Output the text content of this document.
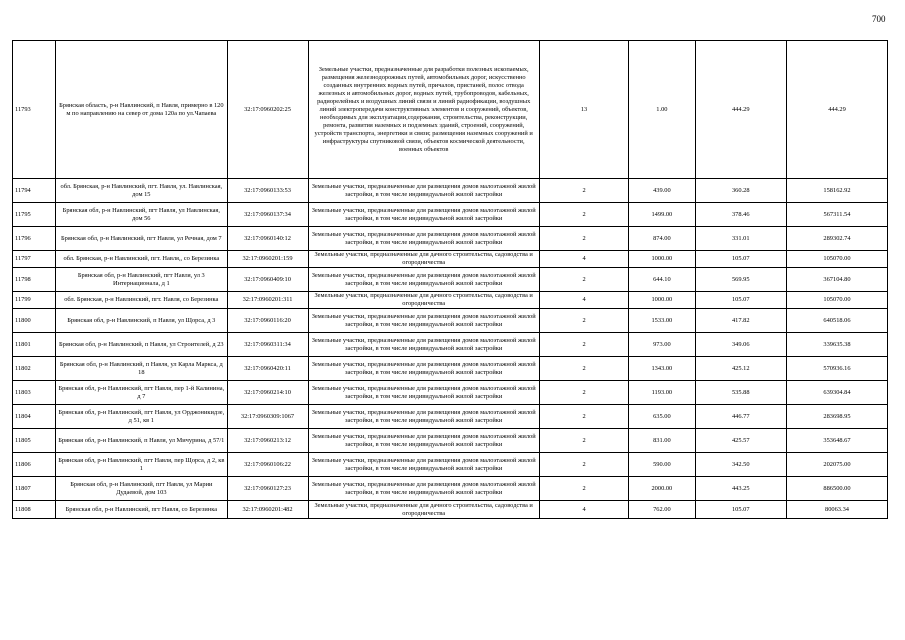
700
11793	Брянская область, р-н Навлинский, п Навля, примерно в 120 м по направлению на север от дома 120а по ул.Чапаева	32:17:0960202:25	Земельные участки, предназначенные для разработки полезных ископаемых, размещения железнодорожных путей, автомобильных дорог, искусственно созданных внутренних водных путей, причалов, пристаней, полос отвода железных и автомобильных дорог, водных путей, трубопроводов, кабельных, радиорелейных и воздушных линий связи и линий радиофикации, воздушных линий электропередачи конструктивных элементов и сооружений, объектов, необходимых для эксплуатации,содержания, строительства, реконструкции, ремонта, развития наземных и подземных зданий, строений, сооружений, устройств транспорта, энергетики и связи; размещения наземных сооружений и инфраструктуры спутниковой связи, объектов космической деятельности, военных объектов	13	1.00	444.29	444.29
11794	обл. Брянская, р-н Навлинский, пгт. Навля, ул. Навлинская, дом 15	32:17:0960133:53	Земельные участки, предназначенные для размещения домов малоэтажной жилой застройки, в том числе индивидуальной жилой застройки	2	439.00	360.28	158162.92
11795	Брянская обл, р-н Навлинский, пгт Навля, ул Навлинская, дом 56	32:17:0960137:34	Земельные участки, предназначенные для размещения домов малоэтажной жилой застройки, в том числе индивидуальной жилой застройки	2	1499.00	378.46	567311.54
11796	Брянская обл, р-н Навлинский, пгт Навля, ул Речная, дом 7	32:17:0960140:12	Земельные участки, предназначенные для размещения домов малоэтажной жилой застройки, в том числе индивидуальной жилой застройки	2	874.00	331.01	289302.74
11797	обл. Брянская, р-н Навлинский, пгт. Навля,, со Березинка	32:17:0960201:159	Земельные участки, предназначенные для дачного строительства, садоводства и огородничества	4	1000.00	105.07	105070.00
11798	Брянская обл, р-н Навлинский, пгт Навля, ул 3 Интернационала, д 1	32:17:0960409:10	Земельные участки, предназначенные для размещения домов малоэтажной жилой застройки, в том числе индивидуальной жилой застройки	2	644.10	569.95	367104.80
11799	обл. Брянская, р-н Навлинский, пгт. Навля, со Березинка	32:17:0960201:311	Земельные участки, предназначенные для дачного строительства, садоводства и огородничества	4	1000.00	105.07	105070.00
11800	Брянская обл, р-н Навлинский, п Навля, ул Щорса, д 3	32:17:0960116:20	Земельные участки, предназначенные для размещения домов малоэтажной жилой застройки, в том числе индивидуальной жилой застройки	2	1533.00	417.82	640518.06
11801	Брянская обл, р-н Навлинский, п Навля, ул Строителей, д 23	32:17:0960311:34	Земельные участки, предназначенные для размещения домов малоэтажной жилой застройки, в том числе индивидуальной жилой застройки	2	973.00	349.06	339635.38
11802	Брянская обл, р-н Навлинский, п Навля, ул Карла Маркса, д 18	32:17:0960420:11	Земельные участки, предназначенные для размещения домов малоэтажной жилой застройки, в том числе индивидуальной жилой застройки	2	1343.00	425.12	570936.16
11803	Брянская обл, р-н Навлинский, пгт Навля, пер 1-й Калинина, д 7	32:17:0960214:10	Земельные участки, предназначенные для размещения домов малоэтажной жилой застройки, в том числе индивидуальной жилой застройки	2	1193.00	535.88	639304.84
11804	Брянская обл, р-н Навлинский, пгт Навля, ул Орджоникидзе, д 51, кв 1	32:17:0960309:1067	Земельные участки, предназначенные для размещения домов малоэтажной жилой застройки, в том числе индивидуальной жилой застройки	2	635.00	446.77	283698.95
11805	Брянская обл, р-н Навлинский, п Навля, ул Мичурина, д 57/1	32:17:0960213:12	Земельные участки, предназначенные для размещения домов малоэтажной жилой застройки, в том числе индивидуальной жилой застройки	2	831.00	425.57	353648.67
11806	Брянская обл, р-н Навлинский, пгт Навля, пер Щорса, д 2, кв 1	32:17:0960106:22	Земельные участки, предназначенные для размещения домов малоэтажной жилой застройки, в том числе индивидуальной жилой застройки	2	590.00	342.50	202075.00
11807	Брянская обл, р-н Навлинский, пгт Навля, ул Марии Дудаевой, дом 103	32:17:0960127:23	Земельные участки, предназначенные для размещения домов малоэтажной жилой застройки, в том числе индивидуальной жилой застройки	2	2000.00	443.25	886500.00
11808	Брянская обл, р-н Навлинский, пгт Навля, со Березинка	32:17:0960201:482	Земельные участки, предназначенные для дачного строительства, садоводства и огородничества	4	762.00	105.07	80063.34
